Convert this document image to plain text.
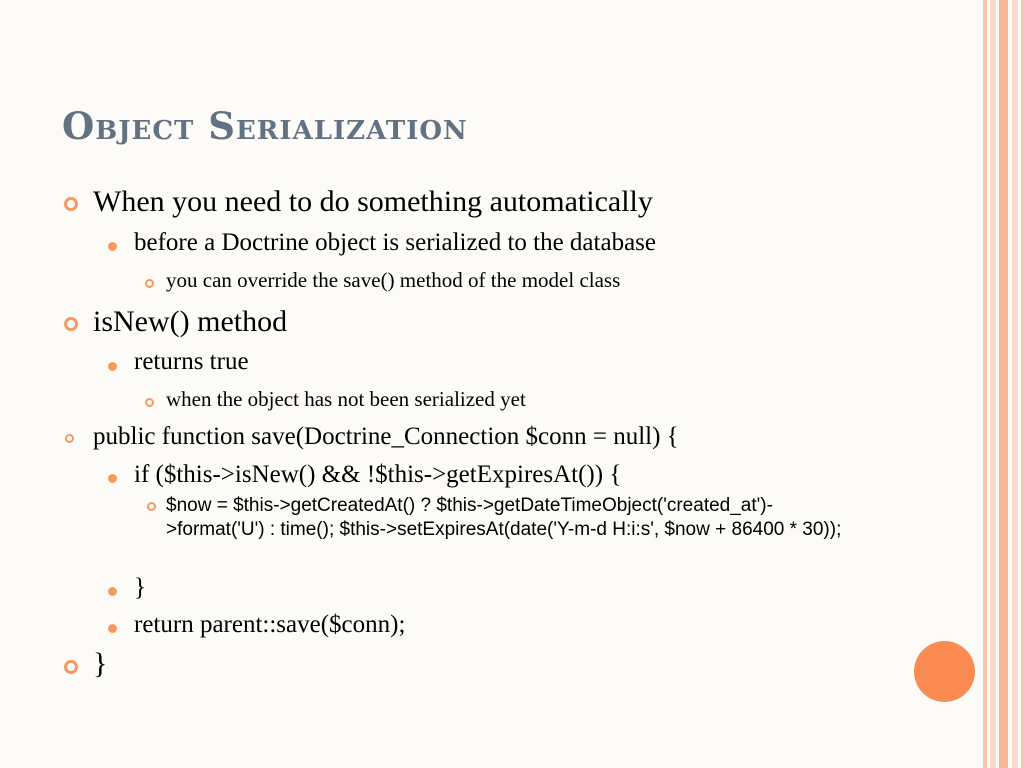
Object Serialization
When you need to do something automatically
before a Doctrine object is serialized to the database
you can override the save() method of the model class
isNew() method
returns true
when the object has not been serialized yet
public function save(Doctrine_Connection $conn = null) {
if ($this->isNew() && !$this->getExpiresAt()) {
$now = $this->getCreatedAt() ? $this->getDateTimeObject('created_at')->format('U') : time(); $this->setExpiresAt(date('Y-m-d H:i:s', $now + 86400 * 30));
}
return parent::save($conn);
}
